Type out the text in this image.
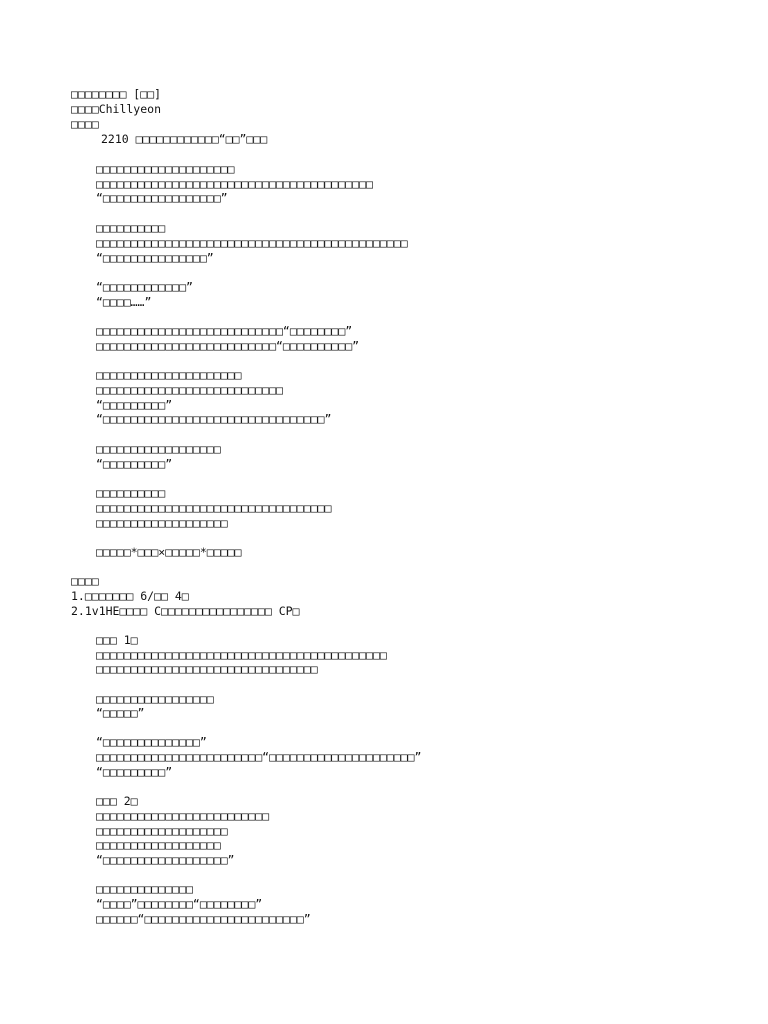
□□□□□□□□ [□□]
□□□□Chillyeon
□□□□
2210 □□□□□□□□□□□□“□□”□□□
□□□□□□□□□□□□□□□□□□□□
□□□□□□□□□□□□□□□□□□□□□□□□□□□□□□□□□□□□□□□□
“□□□□□□□□□□□□□□□□□”
□□□□□□□□□□
□□□□□□□□□□□□□□□□□□□□□□□□□□□□□□□□□□□□□□□□□□□□□
“□□□□□□□□□□□□□□□”
“□□□□□□□□□□□□”
“□□□□……”
□□□□□□□□□□□□□□□□□□□□□□□□□□□“□□□□□□□□”
□□□□□□□□□□□□□□□□□□□□□□□□□□“□□□□□□□□□□”
□□□□□□□□□□□□□□□□□□□□□
□□□□□□□□□□□□□□□□□□□□□□□□□□□
“□□□□□□□□□”
“□□□□□□□□□□□□□□□□□□□□□□□□□□□□□□□□”
□□□□□□□□□□□□□□□□□□
“□□□□□□□□□”
□□□□□□□□□□
□□□□□□□□□□□□□□□□□□□□□□□□□□□□□□□□□□
□□□□□□□□□□□□□□□□□□□
□□□□□*□□□×□□□□□*□□□□□
□□□□
1.□□□□□□□ 6/□□ 4□
2.1v1HE□□□□ C□□□□□□□□□□□□□□□□ CP□
□□□ 1□
□□□□□□□□□□□□□□□□□□□□□□□□□□□□□□□□□□□□□□□□□□
□□□□□□□□□□□□□□□□□□□□□□□□□□□□□□□□
□□□□□□□□□□□□□□□□□
“□□□□□”
“□□□□□□□□□□□□□□”
□□□□□□□□□□□□□□□□□□□□□□□□“□□□□□□□□□□□□□□□□□□□□□”
“□□□□□□□□□”
□□□ 2□
□□□□□□□□□□□□□□□□□□□□□□□□□
□□□□□□□□□□□□□□□□□□□
□□□□□□□□□□□□□□□□□□
“□□□□□□□□□□□□□□□□□□”
□□□□□□□□□□□□□□
“□□□□”□□□□□□□□“□□□□□□□□”
□□□□□□“□□□□□□□□□□□□□□□□□□□□□□□”
